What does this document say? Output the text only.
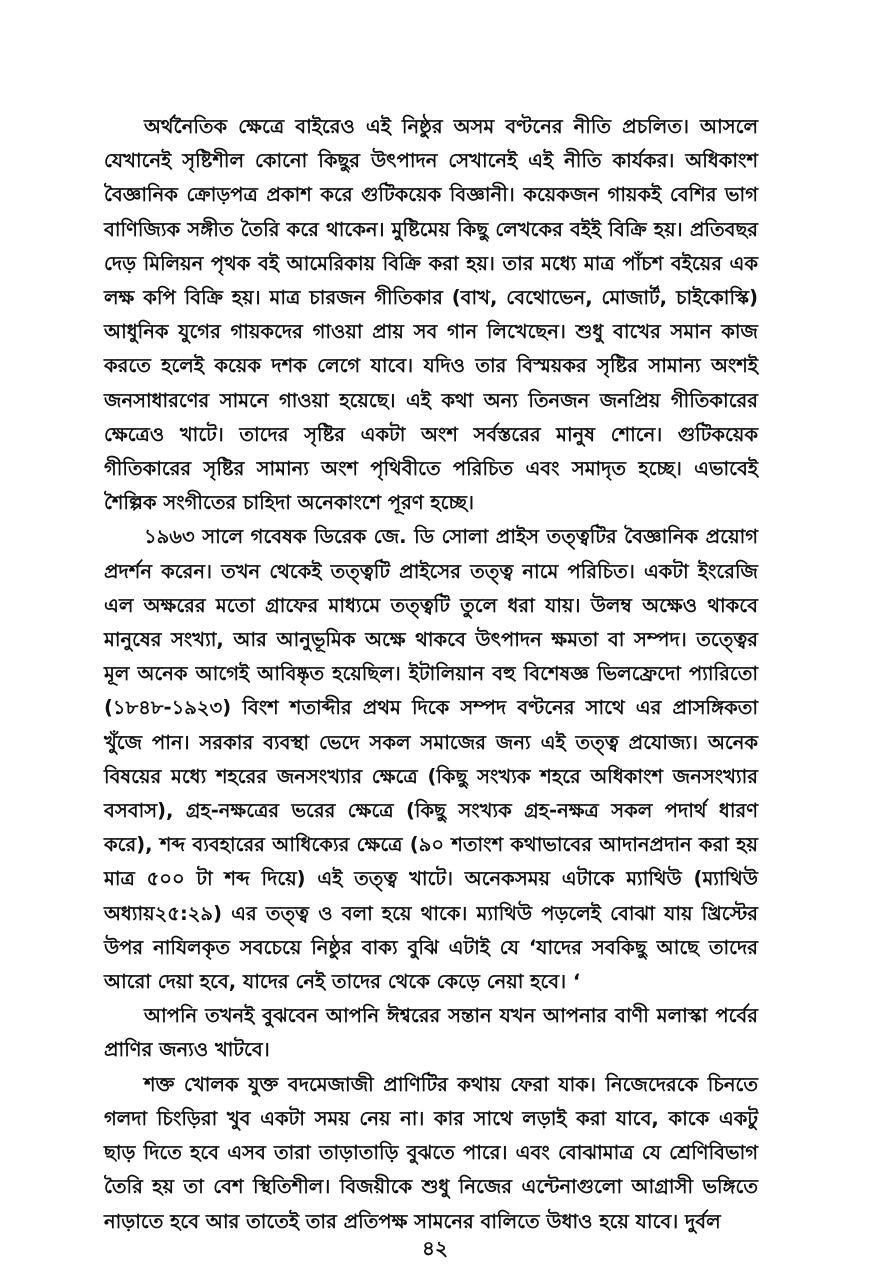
অর্থনৈতিক ক্ষেত্রে বাইরেও এই নিষ্ঠুর অসম বণ্টনের নীতি প্রচলিত। আসলে যেখানেই সৃষ্টিশীল কোনো কিছুর উৎপাদন সেখানেই এই নীতি কার্যকর। অধিকাংশ বৈজ্ঞানিক ক্রোড়পত্র প্রকাশ করে গুটিকয়েক বিজ্ঞানী। কয়েকজন গায়কই বেশির ভাগ বাণিজ্যিক সঙ্গীত তৈরি করে থাকেন। মুষ্টিমেয় কিছু লেখকের বইই বিক্রি হয়। প্রতিবছর দেড় মিলিয়ন পৃথক বই আমেরিকায় বিক্রি করা হয়। তার মধ্যে মাত্র পাঁচশ বইয়ের এক লক্ষ কপি বিক্রি হয়। মাত্র চারজন গীতিকার (বাখ, বেথোভেন, মোজার্ট, চাইকোস্কি) আধুনিক যুগের গায়কদের গাওয়া প্রায় সব গান লিখেছেন। শুধু বাখের সমান কাজ করতে হলেই কয়েক দশক লেগে যাবে। যদিও তার বিস্ময়কর সৃষ্টির সামান্য অংশই জনসাধারণের সামনে গাওয়া হয়েছে। এই কথা অন্য তিনজন জনপ্রিয় গীতিকারের ক্ষেত্রেও খাটে। তাদের সৃষ্টির একটা অংশ সর্বস্তরের মানুষ শোনে। গুটিকয়েক গীতিকারের সৃষ্টির সামান্য অংশ পৃথিবীতে পরিচিত এবং সমাদৃত হচ্ছে। এভাবেই শৈল্পিক সংগীতের চাহিদা অনেকাংশে পূরণ হচ্ছে।

১৯৬৩ সালে গবেষক ডিরেক জে. ডি সোলা প্রাইস তত্ত্বটির বৈজ্ঞানিক প্রয়োগ প্রদর্শন করেন। তখন থেকেই তত্ত্বটি প্রাইসের তত্ত্ব নামে পরিচিত। একটা ইংরেজি এল অক্ষরের মতো গ্রাফের মাধ্যমে তত্ত্বটি তুলে ধরা যায়। উলম্ব অক্ষেও থাকবে মানুষের সংখ্যা, আর আনুভূমিক অক্ষে থাকবে উৎপাদন ক্ষমতা বা সম্পদ। তত্ত্বের মূল অনেক আগেই আবিষ্কৃত হয়েছিল। ইটালিয়ান বহু বিশেষজ্ঞ ভিলফ্রেদো প্যারিতো (১৮৪৮-১৯২৩) বিংশ শতাব্দীর প্রথম দিকে সম্পদ বণ্টনের সাথে এর প্রাসঙ্গিকতা খুঁজে পান। সরকার ব্যবস্থা ভেদে সকল সমাজের জন্য এই তত্ত্ব প্রযোজ্য। অনেক বিষয়ের মধ্যে শহরের জনসংখ্যার ক্ষেত্রে (কিছু সংখ্যক শহরে অধিকাংশ জনসংখ্যার বসবাস), গ্রহ-নক্ষত্রের ভরের ক্ষেত্রে (কিছু সংখ্যক গ্রহ-নক্ষত্র সকল পদার্থ ধারণ করে), শব্দ ব্যবহারের আধিক্যের ক্ষেত্রে (৯০ শতাংশ কথাভাবের আদানপ্রদান করা হয় মাত্র ৫০০ টা শব্দ দিয়ে) এই তত্ত্ব খাটে। অনেকসময় এটাকে ম্যাথিউ (ম্যাথিউ অধ্যায়২৫:২৯) এর তত্ত্ব ও বলা হয়ে থাকে। ম্যাথিউ পড়লেই বোঝা যায় খ্রিস্টের উপর নাযিলকৃত সবচেয়ে নিষ্ঠুর বাক্য বুঝি এটাই যে ‘যাদের সবকিছু আছে তাদের আরো দেয়া হবে, যাদের নেই তাদের থেকে কেড়ে নেয়া হবে। ‘

আপনি তখনই বুঝবেন আপনি ঈশ্বরের সন্তান যখন আপনার বাণী মলাস্কা পর্বের প্রাণির জন্যও খাটবে।

শক্ত খোলক যুক্ত বদমেজাজী প্রাণিটির কথায় ফেরা যাক। নিজেদেরকে চিনতে গলদা চিংড়িরা খুব একটা সময় নেয় না। কার সাথে লড়াই করা যাবে, কাকে একটু ছাড় দিতে হবে এসব তারা তাড়াতাড়ি বুঝতে পারে। এবং বোঝামাত্র যে শ্রেণিবিভাগ তৈরি হয় তা বেশ স্থিতিশীল। বিজয়ীকে শুধু নিজের এন্টেনাগুলো আগ্রাসী ভঙ্গিতে নাড়াতে হবে আর তাতেই তার প্রতিপক্ষ সামনের বালিতে উধাও হয়ে যাবে। দুর্বল

৪২
